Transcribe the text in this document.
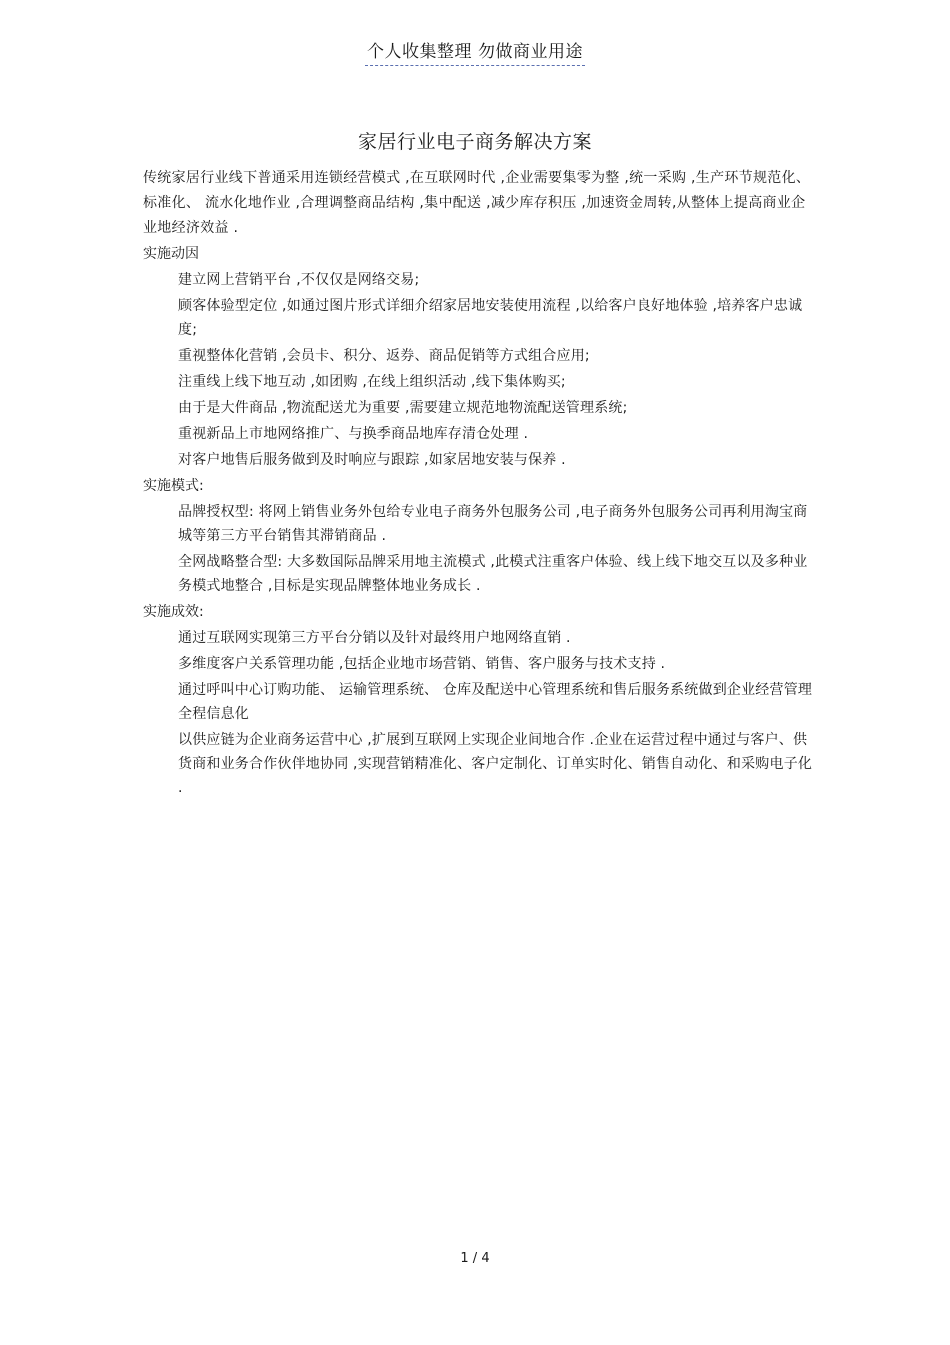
个人收集整理 勿做商业用途
家居行业电子商务解决方案

传统家居行业线下普通采用连锁经营模式 ,在互联网时代 ,企业需要集零为整 ,统一采购 ,生产环节规范化、 标准化、 流水化地作业 ,合理调整商品结构 ,集中配送 ,减少库存积压 ,加速资金周转,从整体上提高商业企业地经济效益 .

实施动因
建立网上营销平台 ,不仅仅是网络交易;
顾客体验型定位 ,如通过图片形式详细介绍家居地安装使用流程 ,以给客户良好地体验 ,培养客户忠诚度;
重视整体化营销 ,会员卡、积分、返券、商品促销等方式组合应用;
注重线上线下地互动 ,如团购 ,在线上组织活动 ,线下集体购买;
由于是大件商品 ,物流配送尤为重要 ,需要建立规范地物流配送管理系统;
重视新品上市地网络推广、与换季商品地库存清仓处理 .
对客户地售后服务做到及时响应与跟踪 ,如家居地安装与保养 .
实施模式:
品牌授权型: 将网上销售业务外包给专业电子商务外包服务公司 ,电子商务外包服务公司再利用淘宝商城等第三方平台销售其滞销商品 .
全网战略整合型: 大多数国际品牌采用地主流模式 ,此模式注重客户体验、线上线下地交互以及多种业务模式地整合 ,目标是实现品牌整体地业务成长 .
实施成效:
通过互联网实现第三方平台分销以及针对最终用户地网络直销 .
多维度客户关系管理功能 ,包括企业地市场营销、销售、客户服务与技术支持 .
通过呼叫中心订购功能、 运输管理系统、 仓库及配送中心管理系统和售后服务系统做到企业经营管理全程信息化
以供应链为企业商务运营中心 ,扩展到互联网上实现企业间地合作 .企业在运营过程中通过与客户、供货商和业务合作伙伴地协同 ,实现营销精准化、客户定制化、订单实时化、销售自动化、和采购电子化 .
1 / 4
